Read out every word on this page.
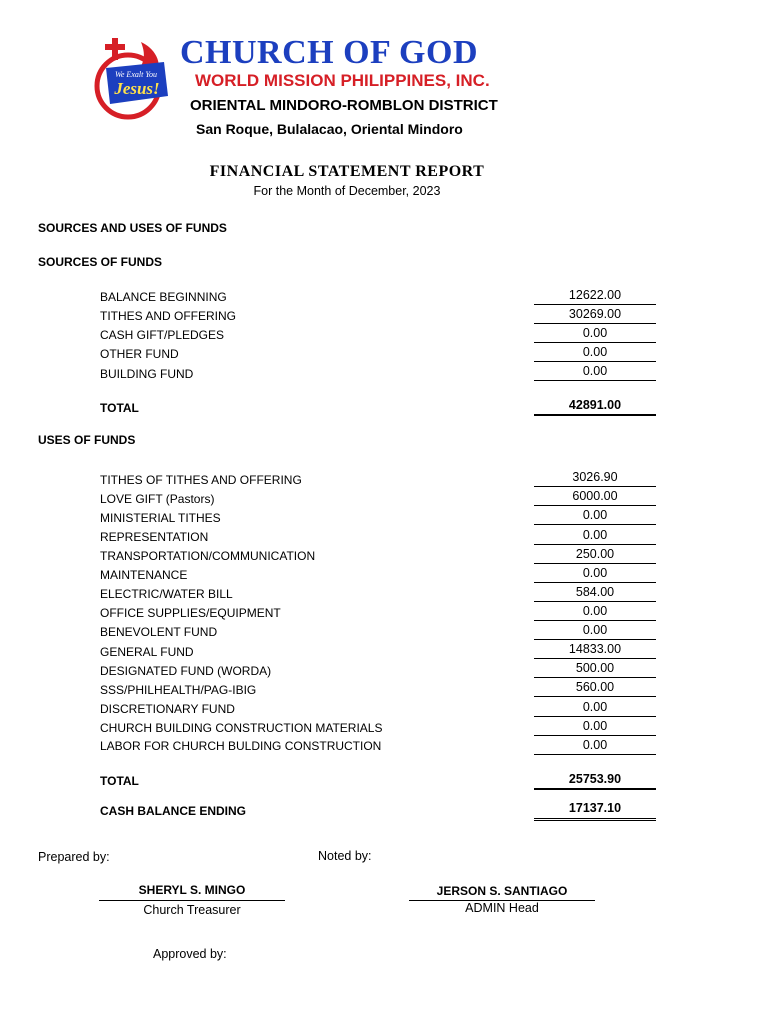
We Exalt You
Jesus!
CHURCH OF GOD
WORLD MISSION PHILIPPINES, INC.
ORIENTAL MINDORO-ROMBLON DISTRICT
San Roque, Bulalacao, Oriental Mindoro
FINANCIAL STATEMENT REPORT
For the Month of December, 2023
SOURCES AND USES OF FUNDS
SOURCES OF FUNDS
BALANCE BEGINNING	12622.00
TITHES AND OFFERING	30269.00
CASH GIFT/PLEDGES	0.00
OTHER FUND	0.00
BUILDING FUND	0.00
TOTAL	42891.00
USES OF FUNDS
TITHES OF TITHES AND OFFERING	3026.90
LOVE GIFT (Pastors)	6000.00
MINISTERIAL TITHES	0.00
REPRESENTATION	0.00
TRANSPORTATION/COMMUNICATION	250.00
MAINTENANCE	0.00
ELECTRIC/WATER BILL	584.00
OFFICE SUPPLIES/EQUIPMENT	0.00
BENEVOLENT FUND	0.00
GENERAL FUND	14833.00
DESIGNATED FUND (WORDA)	500.00
SSS/PHILHEALTH/PAG-IBIG	560.00
DISCRETIONARY FUND	0.00
CHURCH BUILDING CONSTRUCTION MATERIALS	0.00
LABOR FOR CHURCH BULDING CONSTRUCTION	0.00
TOTAL	25753.90
CASH BALANCE ENDING	17137.10
Prepared by:	Noted by:
SHERYL S. MINGO
Church Treasurer
JERSON S. SANTIAGO
ADMIN Head
Approved by:
